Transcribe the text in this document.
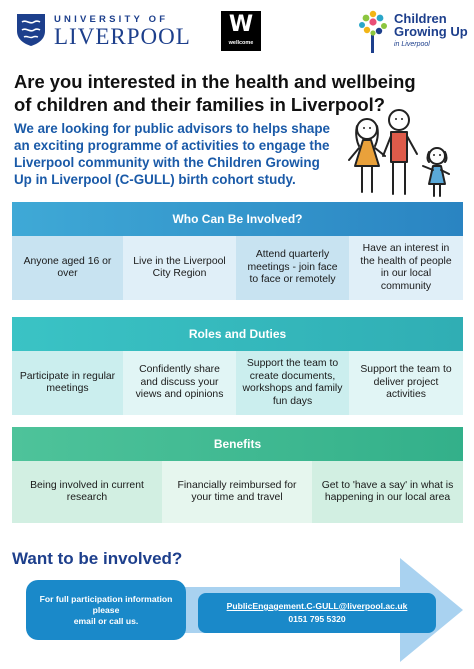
UNIVERSITY OF
LIVERPOOL	W
wellcome
Children
Growing Up
in Liverpool
Are you interested in the health and wellbeing of children and their families in Liverpool?
We are looking for public advisors to helps shape an exciting programme of activities to engage the Liverpool community with the Children Growing Up in Liverpool (C-GULL) birth cohort study.
Who Can Be Involved?
Anyone aged 16 or over
Live in the Liverpool City Region
Attend quarterly meetings - join face to face or remotely
Have an interest in the health of people in our local community
Roles and Duties
Participate in regular meetings
Confidently share and discuss your views and opinions
Support the team to create documents, workshops and family fun days
Support the team to deliver project activities
Benefits
Being involved in current research
Financially reimbursed for your time and travel
Get to 'have a say' in what is happening in our local area
Want to be involved?
For full participation information please
email or call us.
PublicEngagement.C-GULL@liverpool.ac.uk
0151 795 5320
